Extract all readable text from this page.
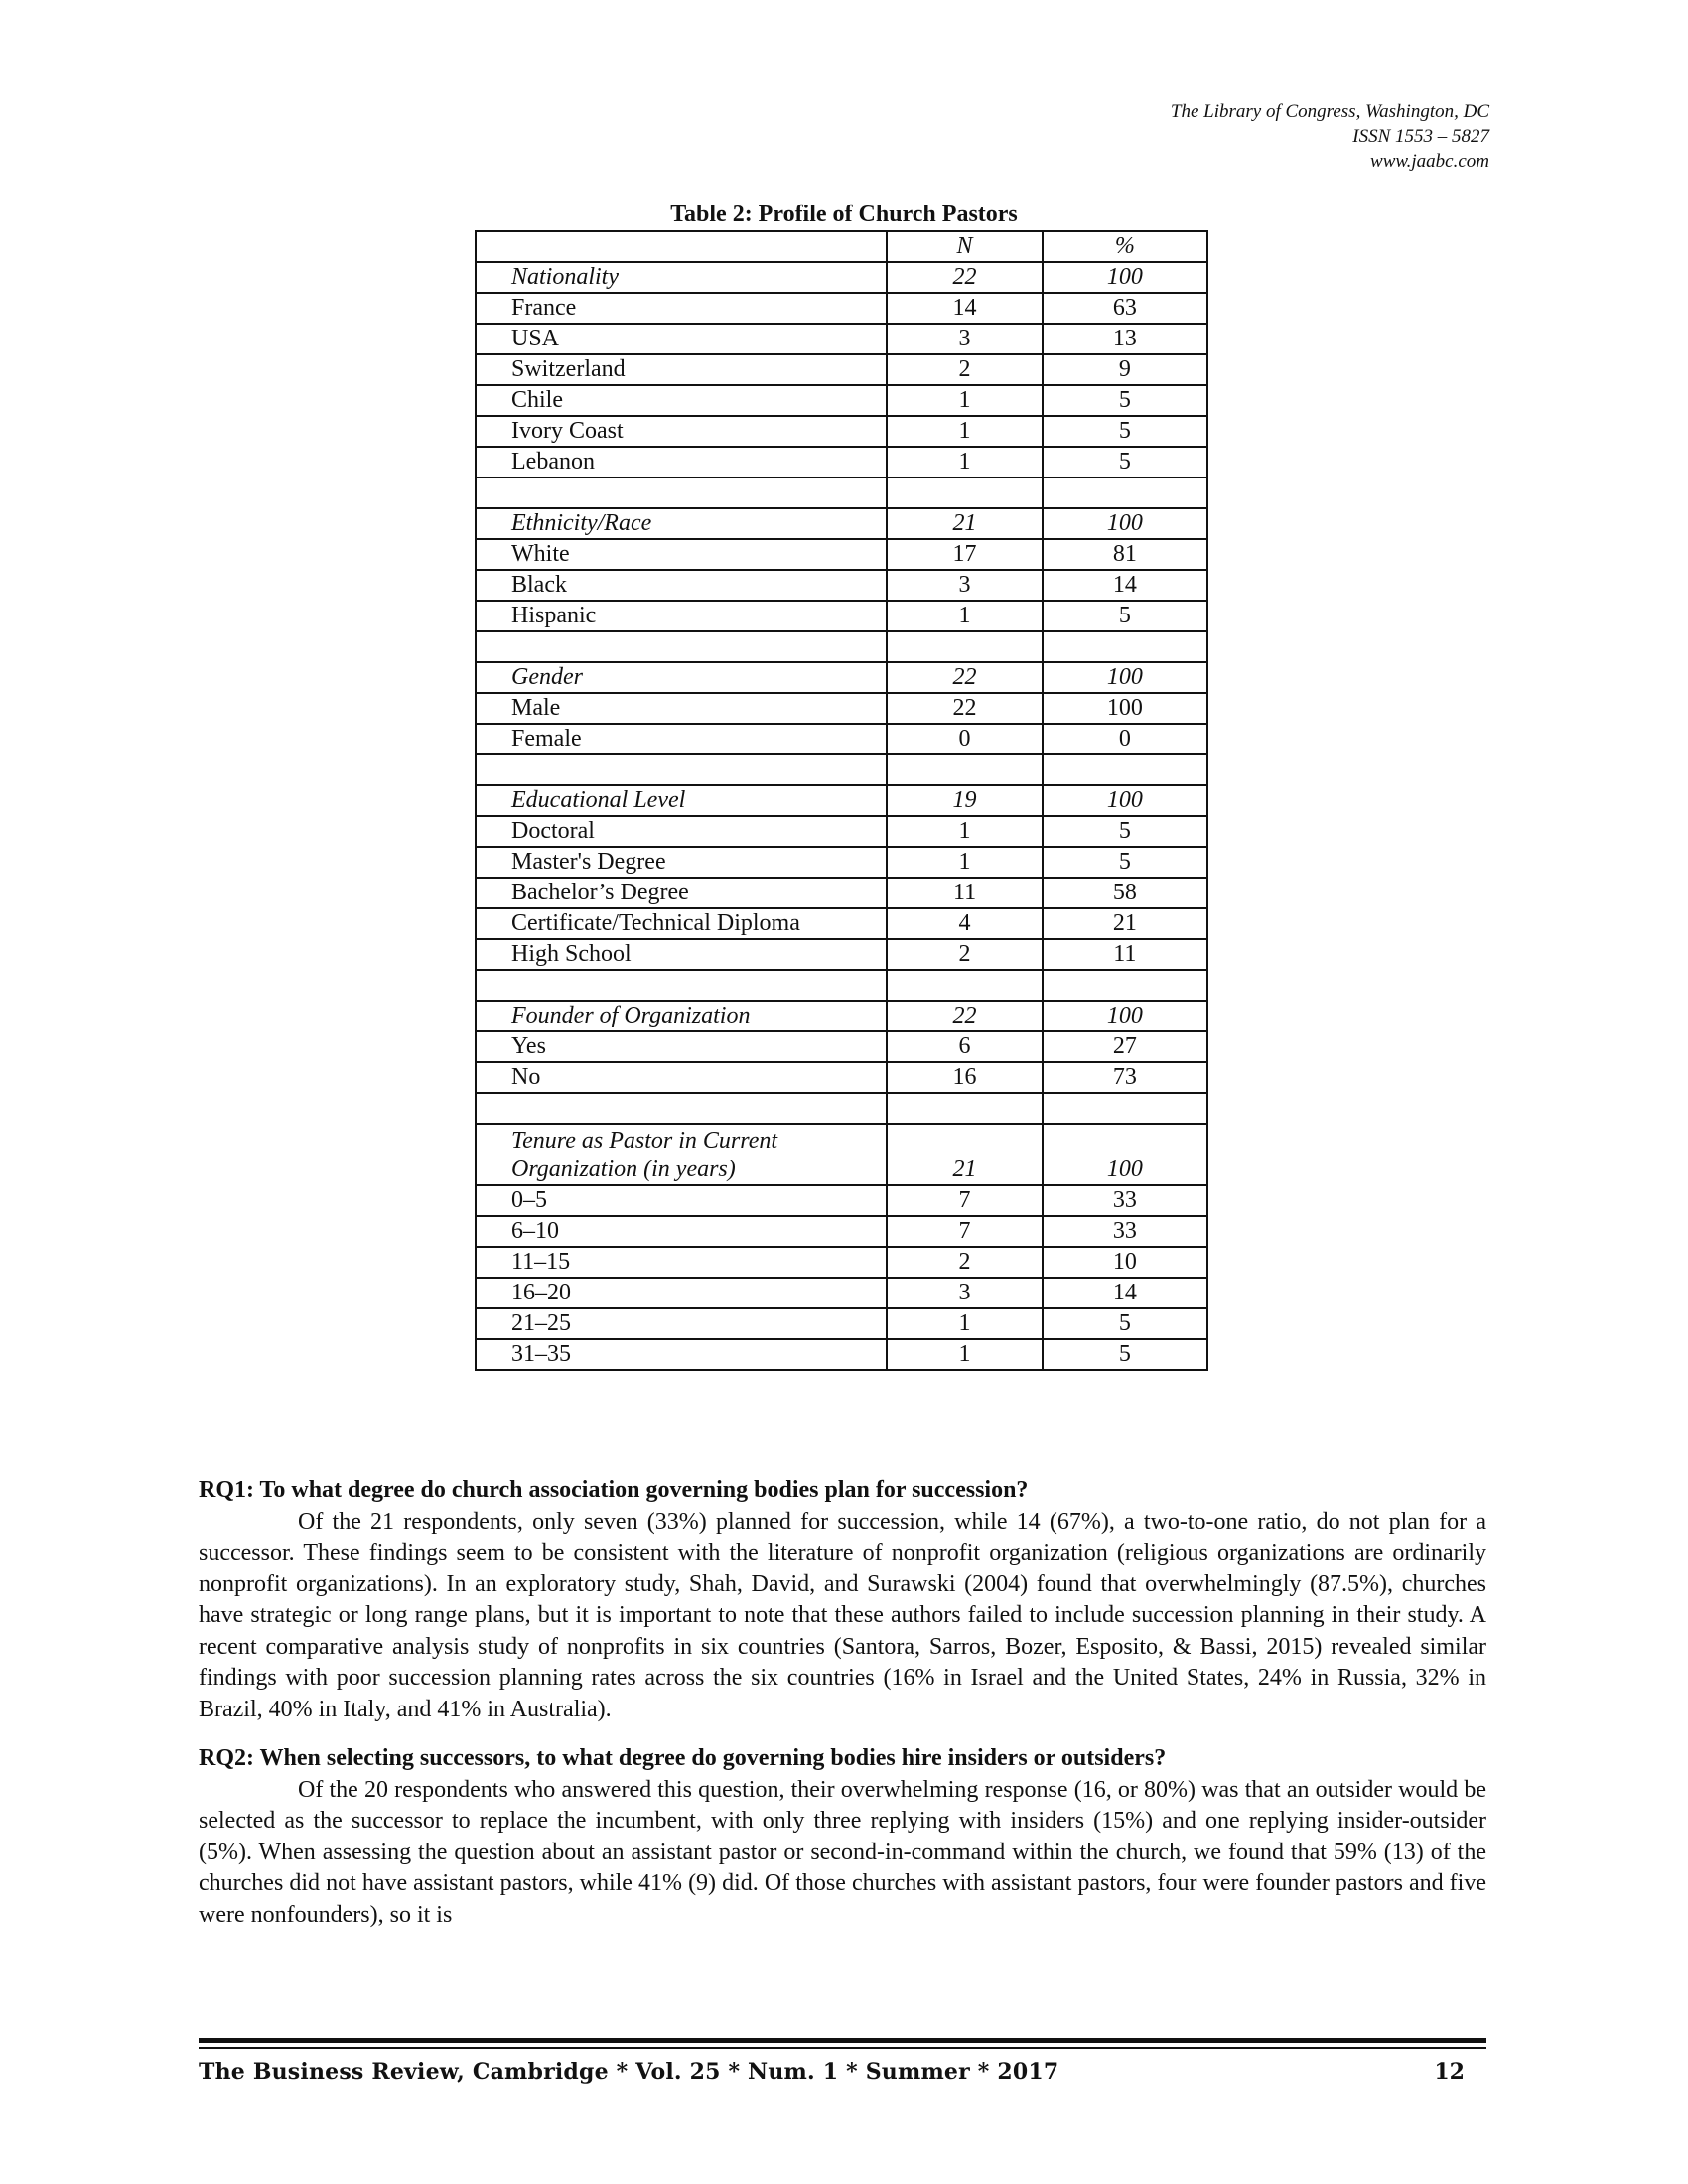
The Library of Congress, Washington, DC
ISSN 1553 – 5827
www.jaabc.com
Table 2: Profile of Church Pastors
	N	%
Nationality	22	100
France	14	63
USA	3	13
Switzerland	2	9
Chile	1	5
Ivory Coast	1	5
Lebanon	1	5

Ethnicity/Race	21	100
White	17	81
Black	3	14
Hispanic	1	5

Gender	22	100
Male	22	100
Female	0	0

Educational Level	19	100
Doctoral	1	5
Master's Degree	1	5
Bachelor’s Degree	11	58
Certificate/Technical Diploma	4	21
High School	2	11

Founder of Organization	22	100
Yes	6	27
No	16	73

Tenure as Pastor in Current Organization (in years)	21	100
0–5	7	33
6–10	7	33
11–15	2	10
16–20	3	14
21–25	1	5
31–35	1	5
RQ1: To what degree do church association governing bodies plan for succession?

Of the 21 respondents, only seven (33%) planned for succession, while 14 (67%), a two-to-one ratio, do not plan for a successor. These findings seem to be consistent with the literature of nonprofit organization (religious organizations are ordinarily nonprofit organizations). In an exploratory study, Shah, David, and Surawski (2004) found that overwhelmingly (87.5%), churches have strategic or long range plans, but it is important to note that these authors failed to include succession planning in their study. A recent comparative analysis study of nonprofits in six countries (Santora, Sarros, Bozer, Esposito, & Bassi, 2015) revealed similar findings with poor succession planning rates across the six countries (16% in Israel and the United States, 24% in Russia, 32% in Brazil, 40% in Italy, and 41% in Australia).

RQ2: When selecting successors, to what degree do governing bodies hire insiders or outsiders?

Of the 20 respondents who answered this question, their overwhelming response (16, or 80%) was that an outsider would be selected as the successor to replace the incumbent, with only three replying with insiders (15%) and one replying insider-outsider (5%). When assessing the question about an assistant pastor or second-in-command within the church, we found that 59% (13) of the churches did not have assistant pastors, while 41% (9) did. Of those churches with assistant pastors, four were founder pastors and five were nonfounders), so it is

The Business Review, Cambridge * Vol. 25 * Num. 1 * Summer * 2017	12
